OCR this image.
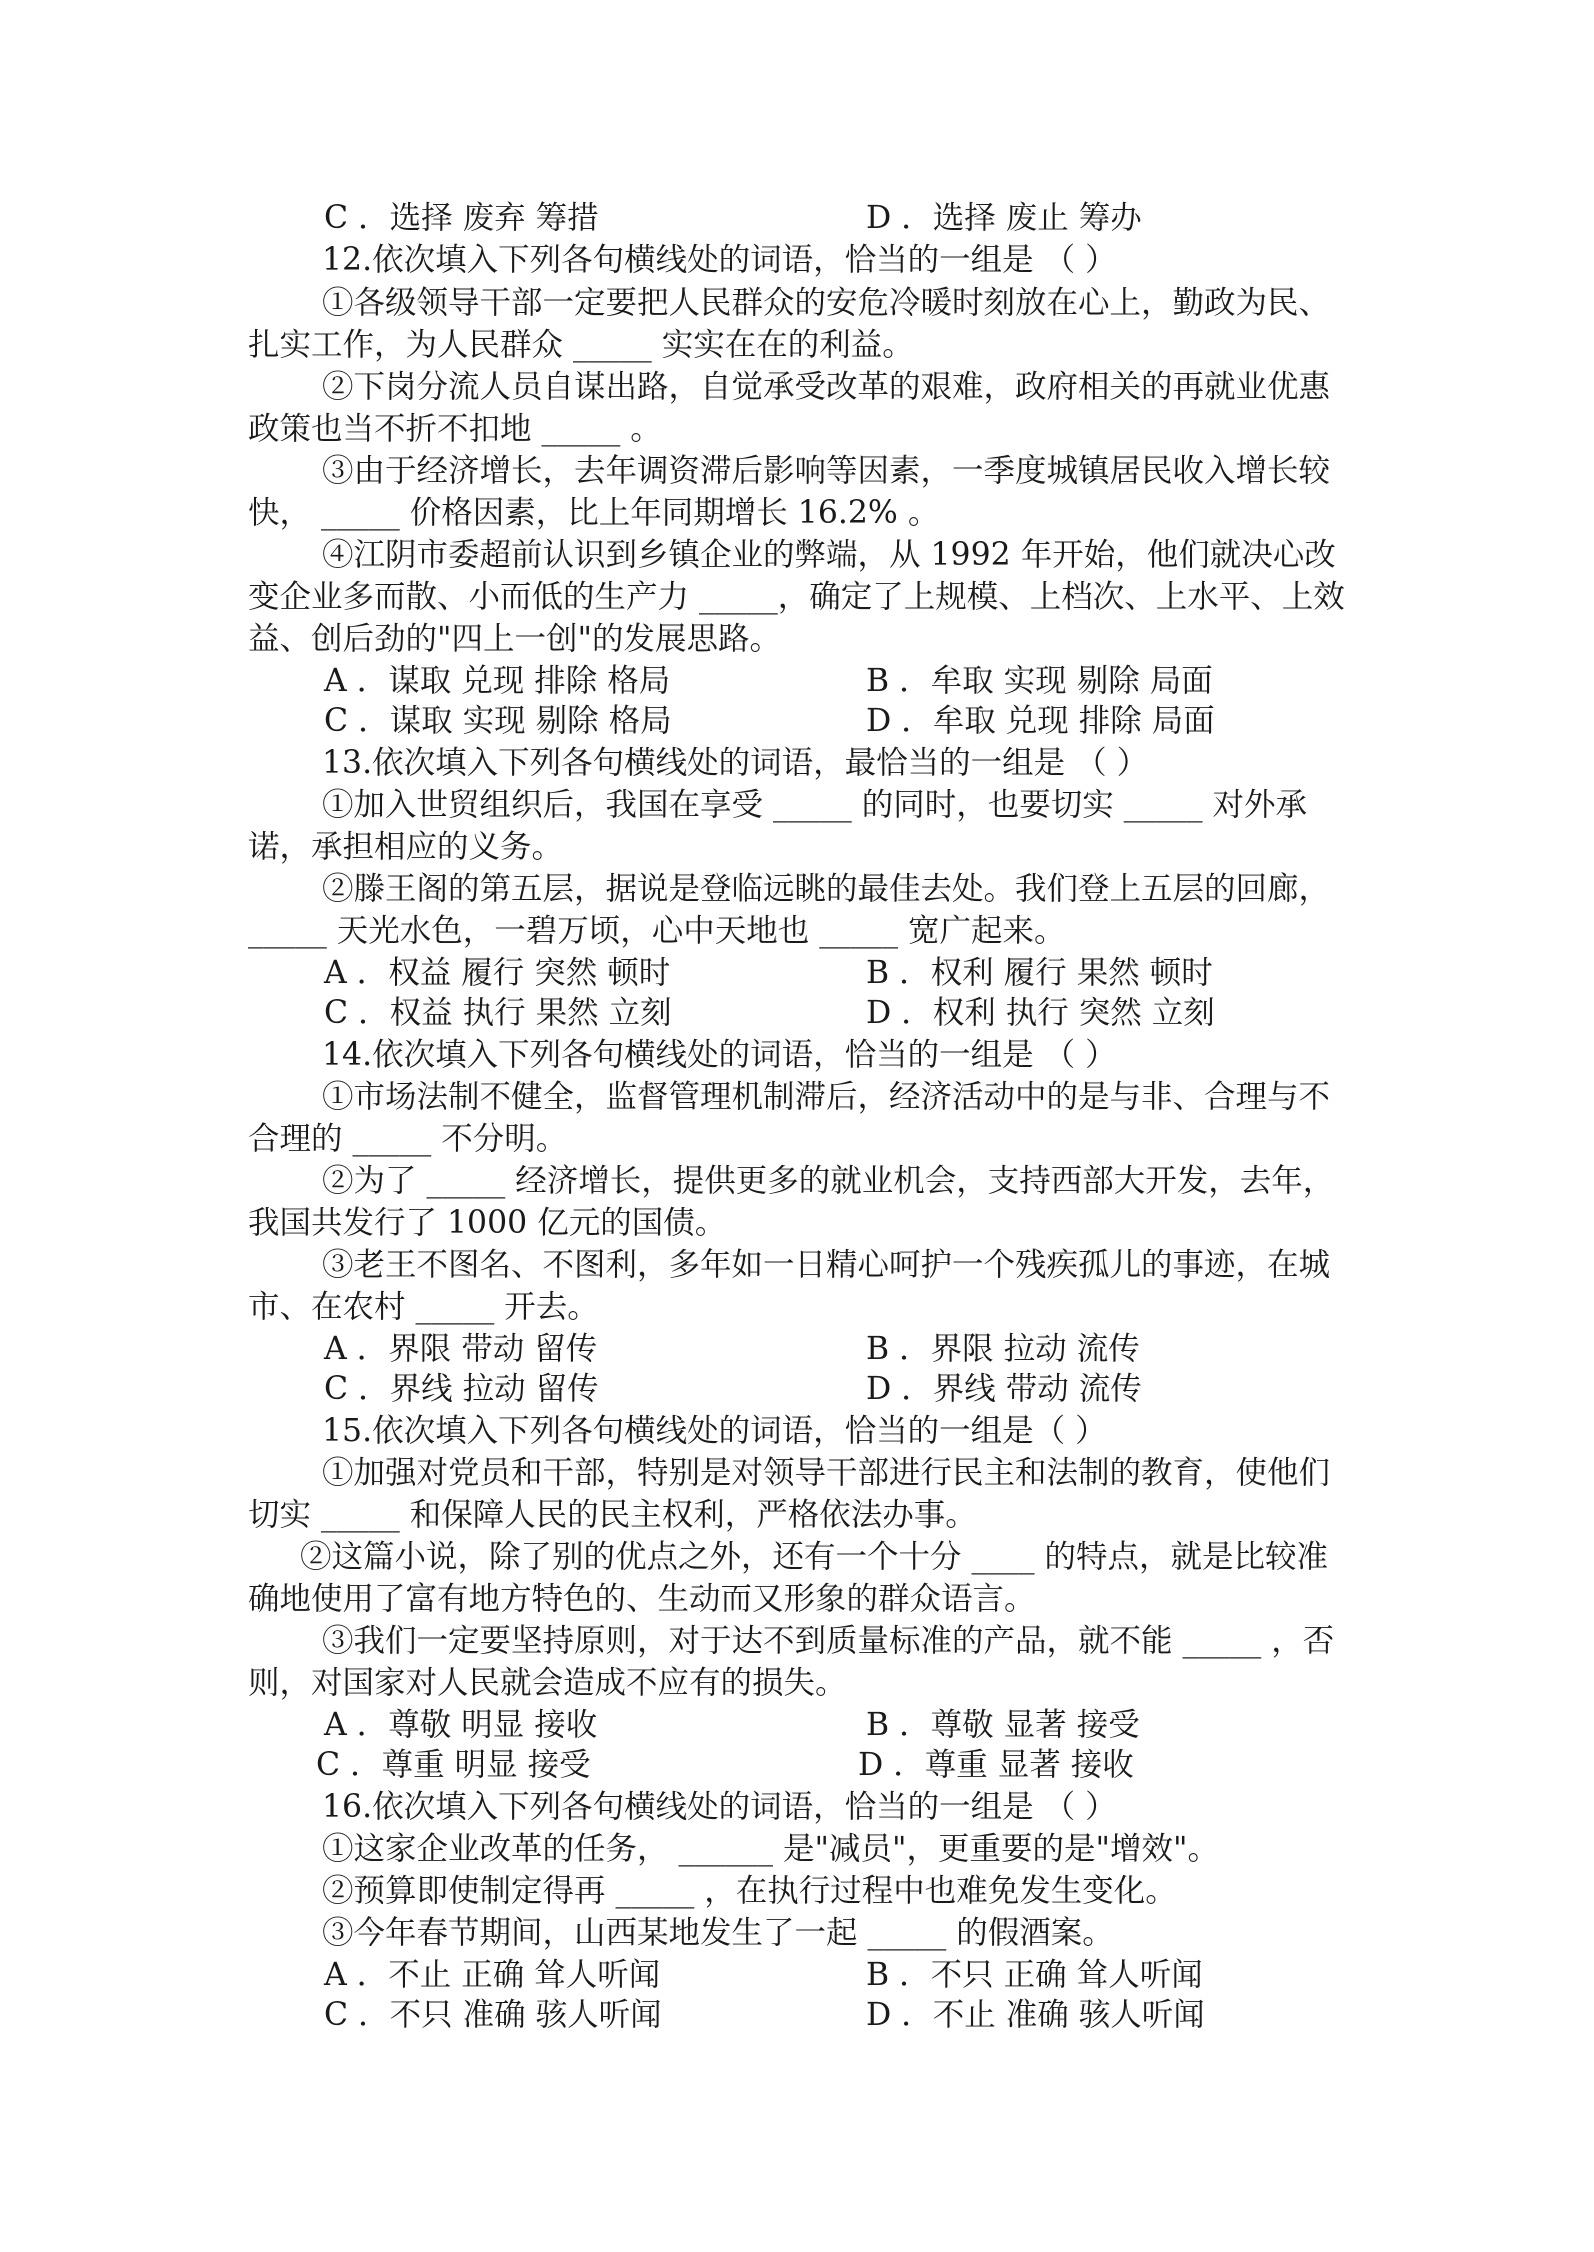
C ．选择 废弃 筹措	D ．选择 废止 筹办
12.依次填入下列各句横线处的词语，恰当的一组是 （ ）
①各级领导干部一定要把人民群众的安危冷暖时刻放在心上，勤政为民、
扎实工作，为人民群众 _____ 实实在在的利益。
②下岗分流人员自谋出路，自觉承受改革的艰难，政府相关的再就业优惠
政策也当不折不扣地 _____ 。
③由于经济增长，去年调资滞后影响等因素，一季度城镇居民收入增长较
快， _____ 价格因素，比上年同期增长 16.2% 。
④江阴市委超前认识到乡镇企业的弊端，从 1992 年开始，他们就决心改
变企业多而散、小而低的生产力 _____，确定了上规模、上档次、上水平、上效
益、创后劲的"四上一创"的发展思路。
A ．谋取 兑现 排除 格局	B ．牟取 实现 剔除 局面
C ．谋取 实现 剔除 格局	D ．牟取 兑现 排除 局面
13.依次填入下列各句横线处的词语，最恰当的一组是 （ ）
①加入世贸组织后，我国在享受 _____ 的同时，也要切实 _____ 对外承
诺，承担相应的义务。
②滕王阁的第五层，据说是登临远眺的最佳去处。我们登上五层的回廊，
_____ 天光水色，一碧万顷，心中天地也 _____ 宽广起来。
A ．权益 履行 突然 顿时	B ．权利 履行 果然 顿时
C ．权益 执行 果然 立刻	D ．权利 执行 突然 立刻
14.依次填入下列各句横线处的词语，恰当的一组是 （ ）
①市场法制不健全，监督管理机制滞后，经济活动中的是与非、合理与不
合理的 _____ 不分明。
②为了 _____ 经济增长，提供更多的就业机会，支持西部大开发，去年，
我国共发行了 1000 亿元的国债。
③老王不图名、不图利，多年如一日精心呵护一个残疾孤儿的事迹，在城
市、在农村 _____ 开去。
A ．界限 带动 留传	B ．界限 拉动 流传
C ．界线 拉动 留传	D ．界线 带动 流传
15.依次填入下列各句横线处的词语，恰当的一组是（ ）
①加强对党员和干部，特别是对领导干部进行民主和法制的教育，使他们
切实 _____ 和保障人民的民主权利，严格依法办事。
②这篇小说，除了别的优点之外，还有一个十分 ____ 的特点，就是比较准
确地使用了富有地方特色的、生动而又形象的群众语言。
③我们一定要坚持原则，对于达不到质量标准的产品，就不能 _____ ，否
则，对国家对人民就会造成不应有的损失。
A ．尊敬 明显 接收	B ．尊敬 显著 接受
C ．尊重 明显 接受	D ．尊重 显著 接收
16.依次填入下列各句横线处的词语，恰当的一组是 （ ）
①这家企业改革的任务， ______ 是"减员"，更重要的是"增效"。
②预算即使制定得再 _____ ，在执行过程中也难免发生变化。
③今年春节期间，山西某地发生了一起 _____ 的假酒案。
A ．不止 正确 耸人听闻	B ．不只 正确 耸人听闻
C ．不只 准确 骇人听闻	D ．不止 准确 骇人听闻
